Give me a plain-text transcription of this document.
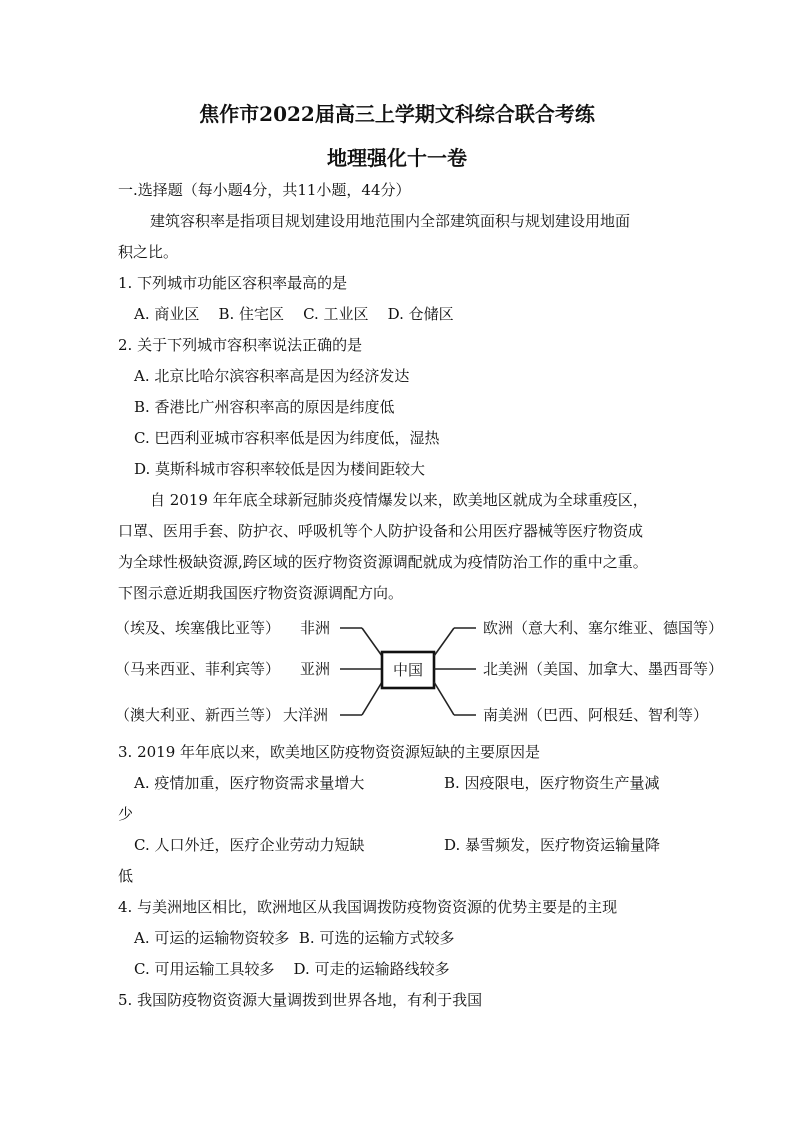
焦作市2022届高三上学期文科综合联合考练
地理强化十一卷
一.选择题（每小题4分，共11小题，44分）
建筑容积率是指项目规划建设用地范围内全部建筑面积与规划建设用地面
积之比。
1. 下列城市功能区容积率最高的是
A. 商业区    B. 住宅区    C. 工业区    D. 仓储区
2. 关于下列城市容积率说法正确的是
A. 北京比哈尔滨容积率高是因为经济发达
B. 香港比广州容积率高的原因是纬度低
C. 巴西利亚城市容积率低是因为纬度低，湿热
D. 莫斯科城市容积率较低是因为楼间距较大
自 2019 年年底全球新冠肺炎疫情爆发以来，欧美地区就成为全球重疫区，
口罩、医用手套、防护衣、呼吸机等个人防护设备和公用医疗器械等医疗物资成
为全球性极缺资源,跨区域的医疗物资资源调配就成为疫情防治工作的重中之重。
下图示意近期我国医疗物资资源调配方向。
中国
（埃及、埃塞俄比亚等） 非洲
（马来西亚、菲利宾等） 亚洲
（澳大利亚、新西兰等） 大洋洲
欧洲（意大利、塞尔维亚、德国等）
北美洲（美国、加拿大、墨西哥等）
南美洲（巴西、阿根廷、智利等）
3. 2019 年年底以来，欧美地区防疫物资资源短缺的主要原因是
A. 疫情加重，医疗物资需求量增大	B. 因疫限电，医疗物资生产量减
少
C. 人口外迁，医疗企业劳动力短缺	D. 暴雪频发，医疗物资运输量降
低
4. 与美洲地区相比，欧洲地区从我国调拨防疫物资资源的优势主要是的主现
A. 可运的运输物资较多  B. 可选的运输方式较多
C. 可用运输工具较多    D. 可走的运输路线较多
5. 我国防疫物资资源大量调拨到世界各地，有利于我国
